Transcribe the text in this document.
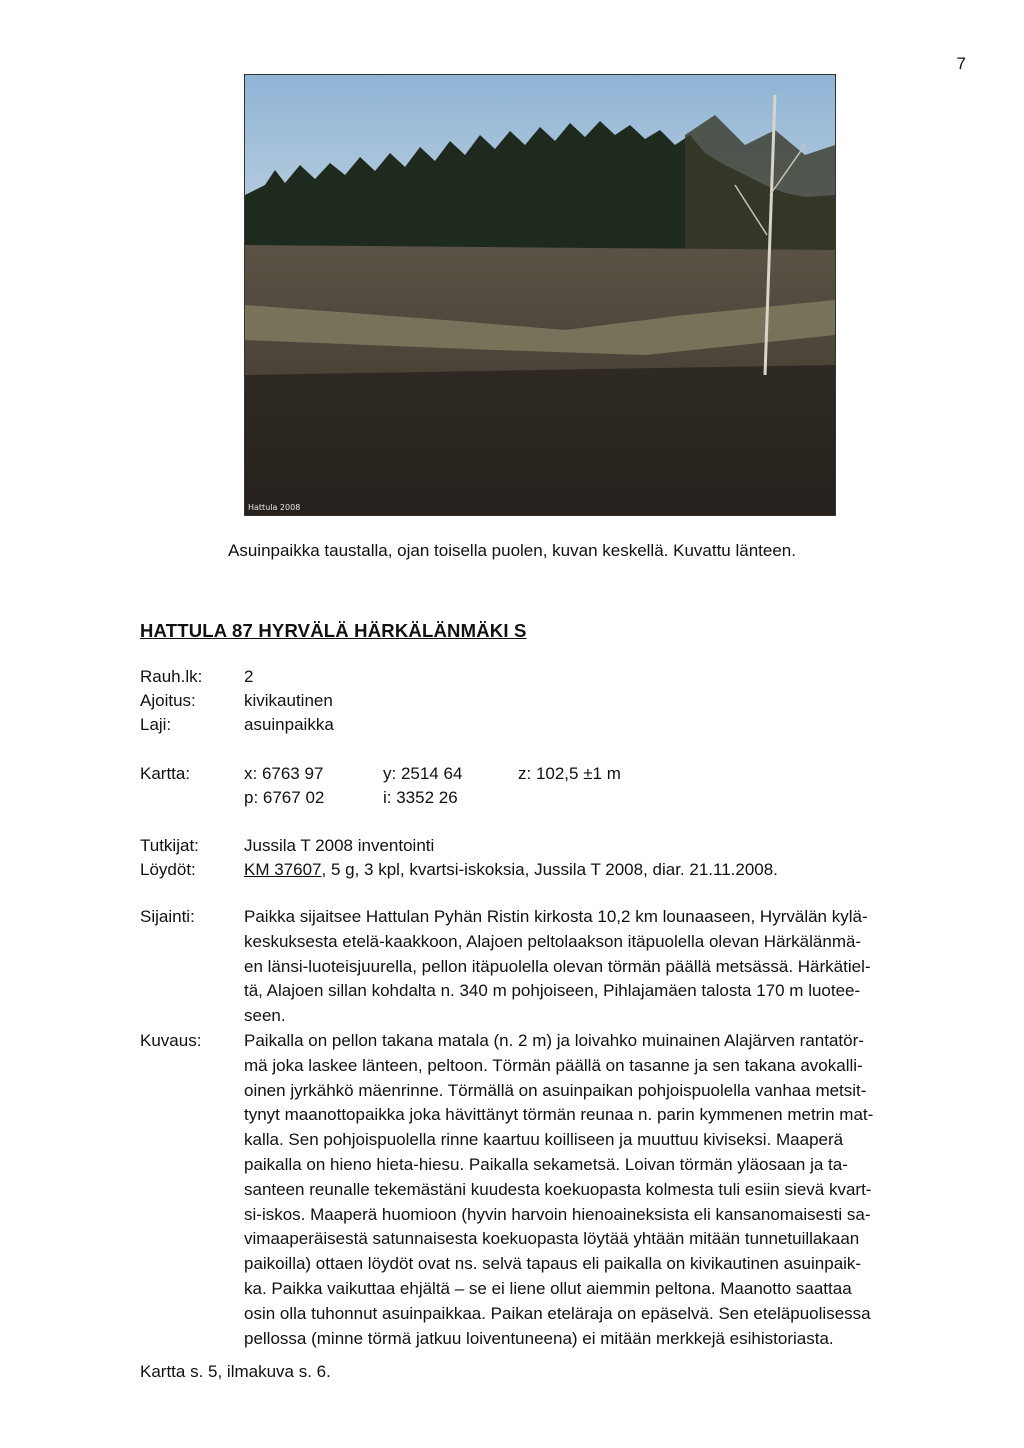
7
Hattula 2008
Asuinpaikka taustalla, ojan toisella puolen, kuvan keskellä. Kuvattu länteen.
HATTULA 87 HYRVÄLÄ HÄRKÄLÄNMÄKI S
Rauh.lk: 2
Ajoitus:	kivikautinen
Laji:	asuinpaikka
Kartta:	x: 6763 97	y: 2514 64	z: 102,5 ±1 m
p: 6767 02	i: 3352 26
Tutkijat:	Jussila T 2008 inventointi
Löydöt:	KM 37607, 5 g, 3 kpl, kvartsi-iskoksia, Jussila T 2008, diar. 21.11.2008.
Sijainti:	Paikka sijaitsee Hattulan Pyhän Ristin kirkosta 10,2 km lounaaseen, Hyrvälän kylä-
keskuksesta etelä-kaakkoon, Alajoen peltolaakson itäpuolella olevan Härkälänmä-
en länsi-luoteisjuurella, pellon itäpuolella olevan törmän päällä metsässä. Härkätiel-
tä, Alajoen sillan kohdalta n. 340 m pohjoiseen, Pihlajamäen talosta 170 m luotee-
seen.
Kuvaus:	Paikalla on pellon takana matala (n. 2 m) ja loivahko muinainen Alajärven rantatör-
mä joka laskee länteen, peltoon. Törmän päällä on tasanne ja sen takana avokalli-
oinen jyrkähkö mäenrinne. Törmällä on asuinpaikan pohjoispuolella vanhaa metsit-
tynyt maanottopaikka joka hävittänyt törmän reunaa n. parin kymmenen metrin mat-
kalla. Sen pohjoispuolella rinne kaartuu koilliseen ja muuttuu kiviseksi. Maaperä
paikalla on hieno hieta-hiesu. Paikalla sekametsä. Loivan törmän yläosaan ja ta-
santeen reunalle tekemästäni kuudesta koekuopasta kolmesta tuli esiin sievä kvart-
si-iskos. Maaperä huomioon (hyvin harvoin hienoaineksista eli kansanomaisesti sa-
vimaaperäisestä satunnaisesta koekuopasta löytää yhtään mitään tunnetuillakaan
paikoilla) ottaen löydöt ovat ns. selvä tapaus eli paikalla on kivikautinen asuinpaik-
ka. Paikka vaikuttaa ehjältä – se ei liene ollut aiemmin peltona. Maanotto saattaa
osin olla tuhonnut asuinpaikkaa. Paikan eteläraja on epäselvä. Sen eteläpuolisessa
pellossa (minne törmä jatkuu loiventuneena) ei mitään merkkejä esihistoriasta.
Kartta s. 5, ilmakuva s. 6.
